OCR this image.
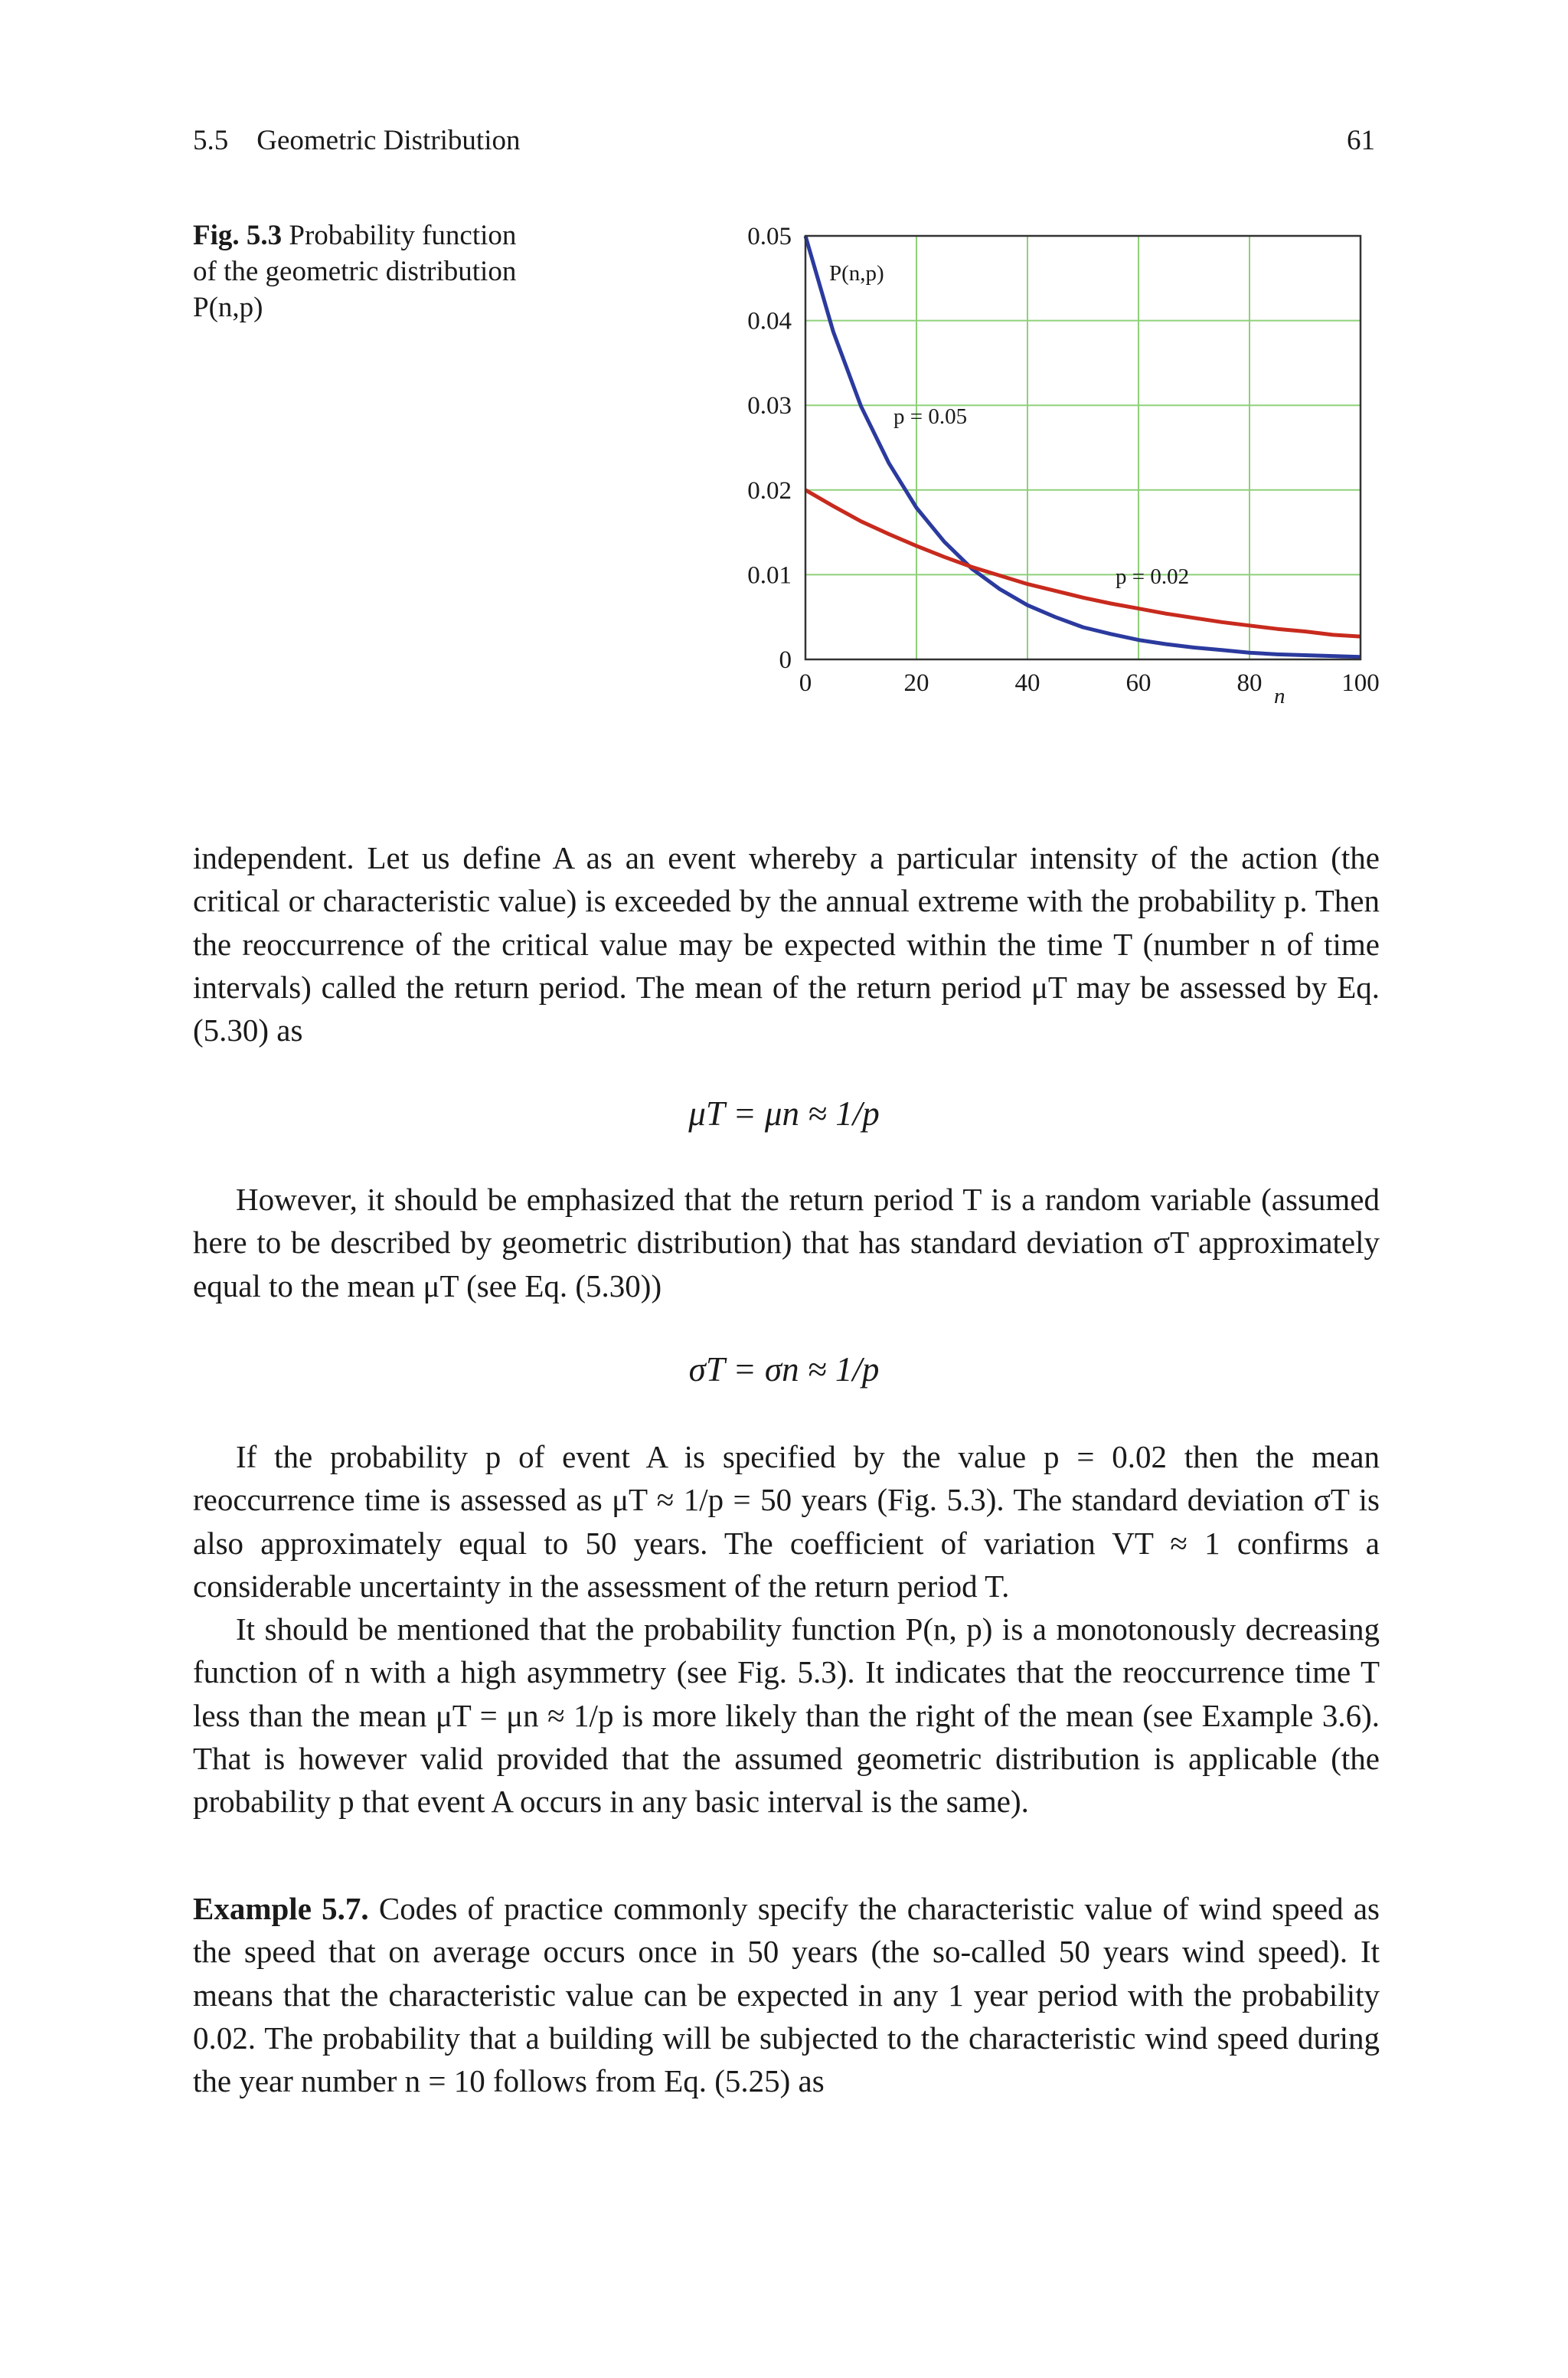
5.5 Geometric Distribution	61
Fig. 5.3 Probability function of the geometric distribution P(n,p)
0	20	40	60	80	100
0.05
0.04
0.03
0.02
0.01
0
P(n,p)
p = 0.05
p = 0.02
n

independent. Let us define A as an event whereby a particular intensity of the action (the critical or characteristic value) is exceeded by the annual extreme with the probability p. Then the reoccurrence of the critical value may be expected within the time T (number n of time intervals) called the return period. The mean of the return period μT may be assessed by Eq. (5.30) as

μT = μn ≈ 1/p

However, it should be emphasized that the return period T is a random variable (assumed here to be described by geometric distribution) that has standard deviation σT approximately equal to the mean μT (see Eq. (5.30))

σT = σn ≈ 1/p

If the probability p of event A is specified by the value p = 0.02 then the mean reoccurrence time is assessed as μT ≈ 1/p = 50 years (Fig. 5.3). The standard deviation σT is also approximately equal to 50 years. The coefficient of variation VT ≈ 1 confirms a considerable uncertainty in the assessment of the return period T.

It should be mentioned that the probability function P(n, p) is a monotonously decreasing function of n with a high asymmetry (see Fig. 5.3). It indicates that the reoccurrence time T less than the mean μT = μn ≈ 1/p is more likely than the right of the mean (see Example 3.6). That is however valid provided that the assumed geometric distribution is applicable (the probability p that event A occurs in any basic interval is the same).

Example 5.7. Codes of practice commonly specify the characteristic value of wind speed as the speed that on average occurs once in 50 years (the so-called 50 years wind speed). It means that the characteristic value can be expected in any 1 year period with the probability 0.02. The probability that a building will be subjected to the characteristic wind speed during the year number n = 10 follows from Eq. (5.25) as
